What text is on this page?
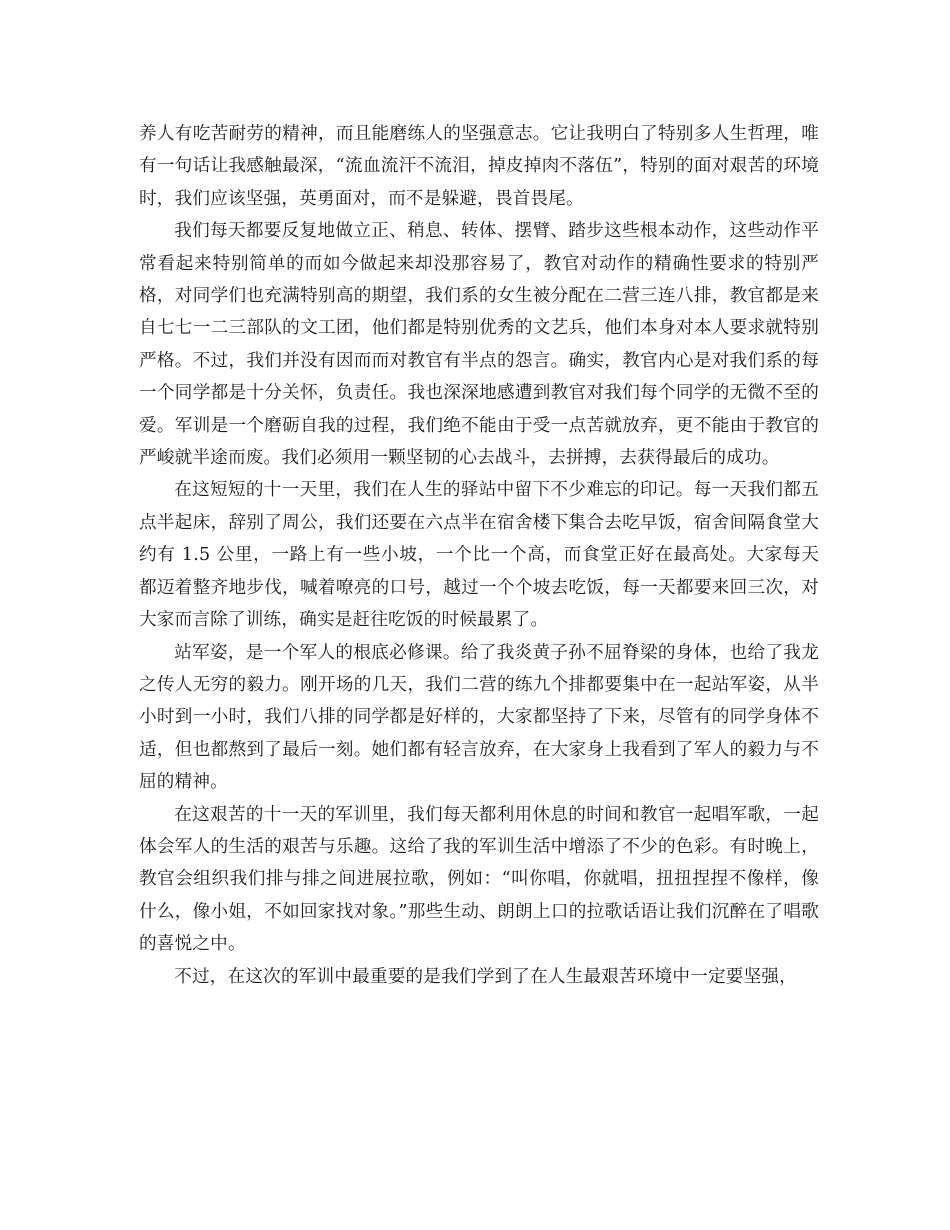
养人有吃苦耐劳的精神，而且能磨练人的坚强意志。它让我明白了特别多人生哲理，唯有一句话让我感触最深，“流血流汗不流泪，掉皮掉肉不落伍”，特别的面对艰苦的环境时，我们应该坚强，英勇面对，而不是躲避，畏首畏尾。

我们每天都要反复地做立正、稍息、转体、摆臂、踏步这些根本动作，这些动作平常看起来特别简单的而如今做起来却没那容易了，教官对动作的精确性要求的特别严格，对同学们也充满特别高的期望，我们系的女生被分配在二营三连八排，教官都是来自七七一二三部队的文工团，他们都是特别优秀的文艺兵，他们本身对本人要求就特别严格。不过，我们并没有因而而对教官有半点的怨言。确实，教官内心是对我们系的每一个同学都是十分关怀，负责任。我也深深地感遭到教官对我们每个同学的无微不至的爱。军训是一个磨砺自我的过程，我们绝不能由于受一点苦就放弃，更不能由于教官的严峻就半途而废。我们必须用一颗坚韧的心去战斗，去拼搏，去获得最后的成功。

在这短短的十一天里，我们在人生的驿站中留下不少难忘的印记。每一天我们都五点半起床，辞别了周公，我们还要在六点半在宿舍楼下集合去吃早饭，宿舍间隔食堂大约有 1.5 公里，一路上有一些小坡，一个比一个高，而食堂正好在最高处。大家每天都迈着整齐地步伐，喊着嘹亮的口号，越过一个个坡去吃饭，每一天都要来回三次，对大家而言除了训练，确实是赶往吃饭的时候最累了。

站军姿，是一个军人的根底必修课。给了我炎黄子孙不屈脊梁的身体，也给了我龙之传人无穷的毅力。刚开场的几天，我们二营的练九个排都要集中在一起站军姿，从半小时到一小时，我们八排的同学都是好样的，大家都坚持了下来，尽管有的同学身体不适，但也都熬到了最后一刻。她们都有轻言放弃，在大家身上我看到了军人的毅力与不屈的精神。

在这艰苦的十一天的军训里，我们每天都利用休息的时间和教官一起唱军歌，一起体会军人的生活的艰苦与乐趣。这给了我的军训生活中增添了不少的色彩。有时晚上，教官会组织我们排与排之间进展拉歌，例如：“叫你唱，你就唱，扭扭捏捏不像样，像什么，像小姐，不如回家找对象。”那些生动、朗朗上口的拉歌话语让我们沉醉在了唱歌的喜悦之中。

不过，在这次的军训中最重要的是我们学到了在人生最艰苦环境中一定要坚强，
